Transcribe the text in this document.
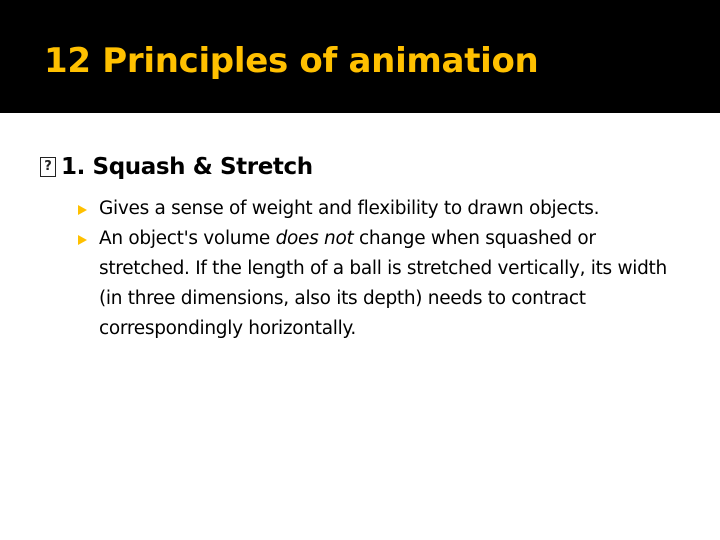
12 Principles of animation
?
1. Squash & Stretch
Gives a sense of weight and flexibility to drawn objects.
An object's volume does not change when squashed or stretched. If the length of a ball is stretched vertically, its width (in three dimensions, also its depth) needs to contract correspondingly horizontally.
